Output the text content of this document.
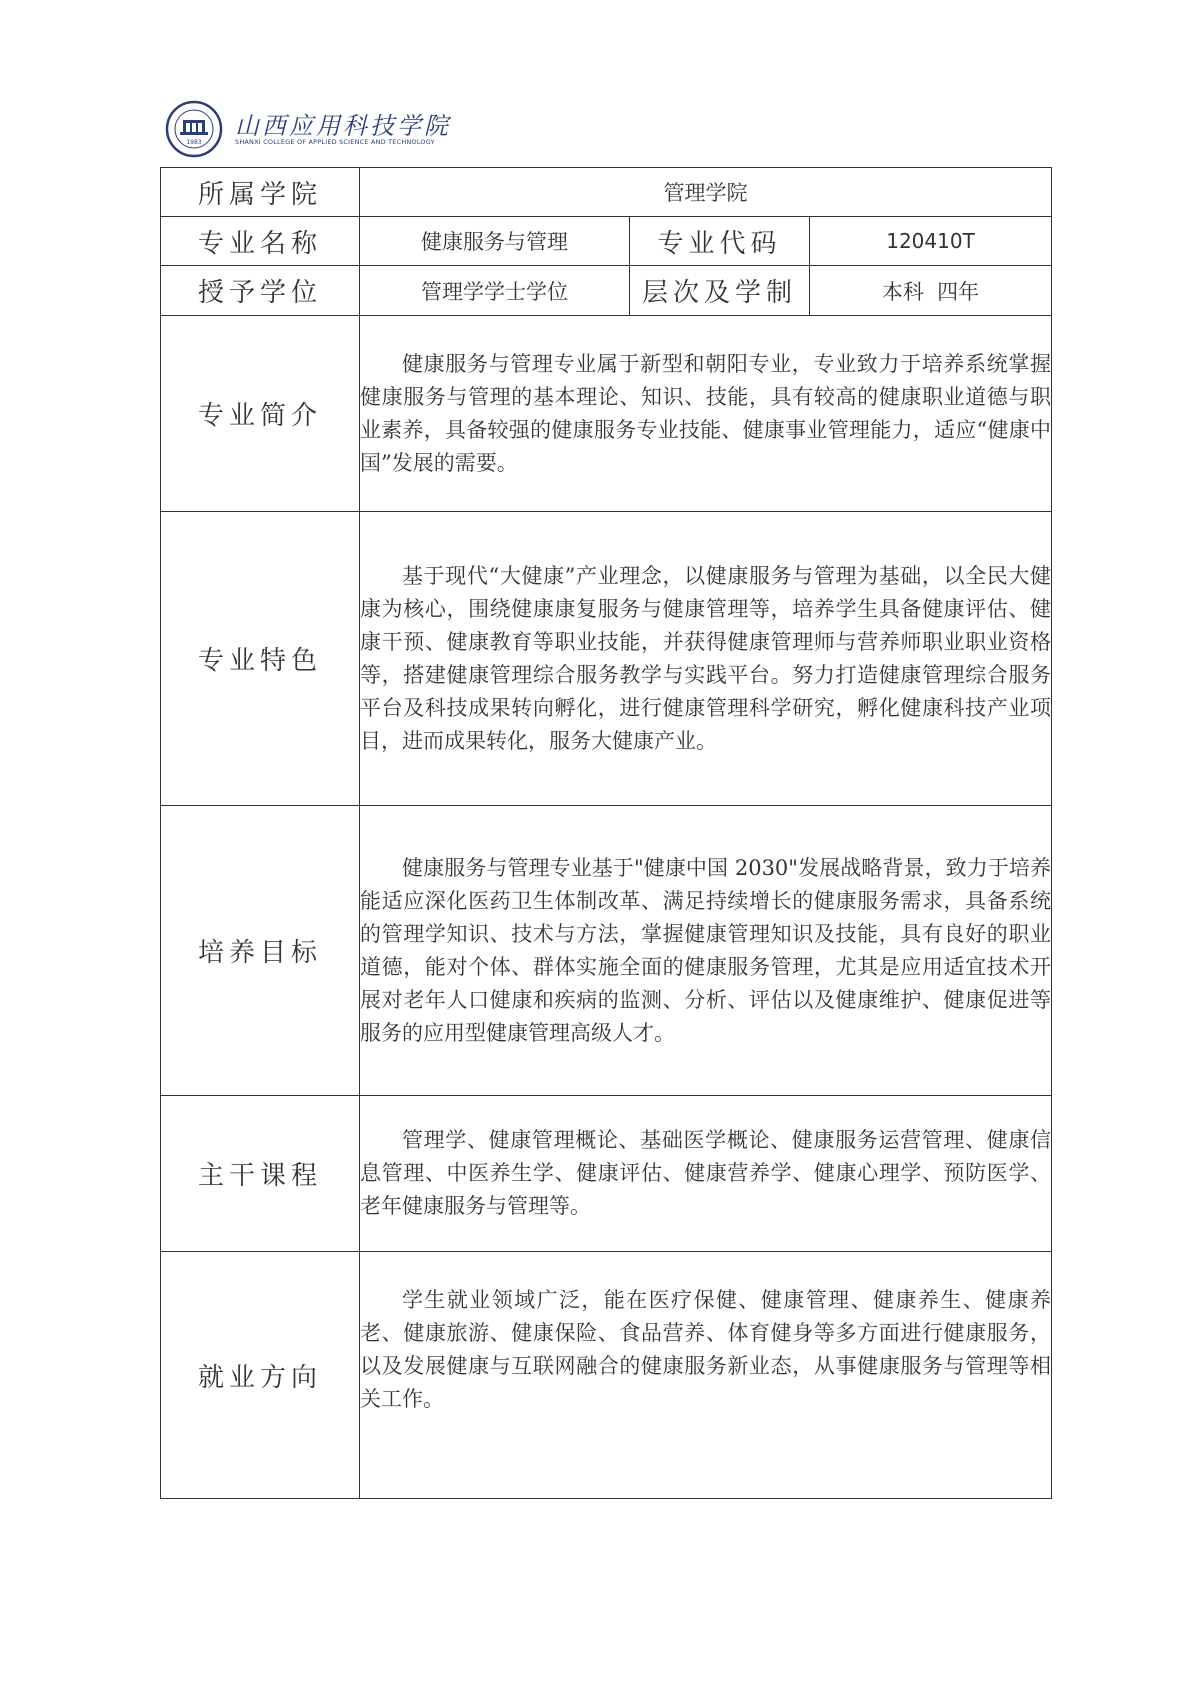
1983
山西应用科技学院
SHANXI COLLEGE OF APPLIED SCIENCE AND TECHNOLOGY
所属学院	管理学院		
专业名称	健康服务与管理	专业代码	120410T
授予学位	管理学学士学位	层次及学制	本科  四年
专业简介	健康服务与管理专业属于新型和朝阳专业，专业致力于培养系统掌握健康服务与管理的基本理论、知识、技能，具有较高的健康职业道德与职业素养，具备较强的健康服务专业技能、健康事业管理能力，适应“健康中国”发展的需要。		

专业特色	基于现代“大健康”产业理念，以健康服务与管理为基础，以全民大健康为核心，围绕健康康复服务与健康管理等，培养学生具备健康评估、健康干预、健康教育等职业技能，并获得健康管理师与营养师职业职业资格等，搭建健康管理综合服务教学与实践平台。努力打造健康管理综合服务平台及科技成果转向孵化，进行健康管理科学研究，孵化健康科技产业项目，进而成果转化，服务大健康产业。		

培养目标	健康服务与管理专业基于"健康中国 2030"发展战略背景，致力于培养能适应深化医药卫生体制改革、满足持续增长的健康服务需求，具备系统的管理学知识、技术与方法，掌握健康管理知识及技能，具有良好的职业道德，能对个体、群体实施全面的健康服务管理，尤其是应用适宜技术开展对老年人口健康和疾病的监测、分析、评估以及健康维护、健康促进等服务的应用型健康管理高级人才。		

主干课程	管理学、健康管理概论、基础医学概论、健康服务运营管理、健康信息管理、中医养生学、健康评估、健康营养学、健康心理学、预防医学、老年健康服务与管理等。		

就业方向	学生就业领域广泛，能在医疗保健、健康管理、健康养生、健康养老、健康旅游、健康保险、食品营养、体育健身等多方面进行健康服务，以及发展健康与互联网融合的健康服务新业态，从事健康服务与管理等相关工作。		
